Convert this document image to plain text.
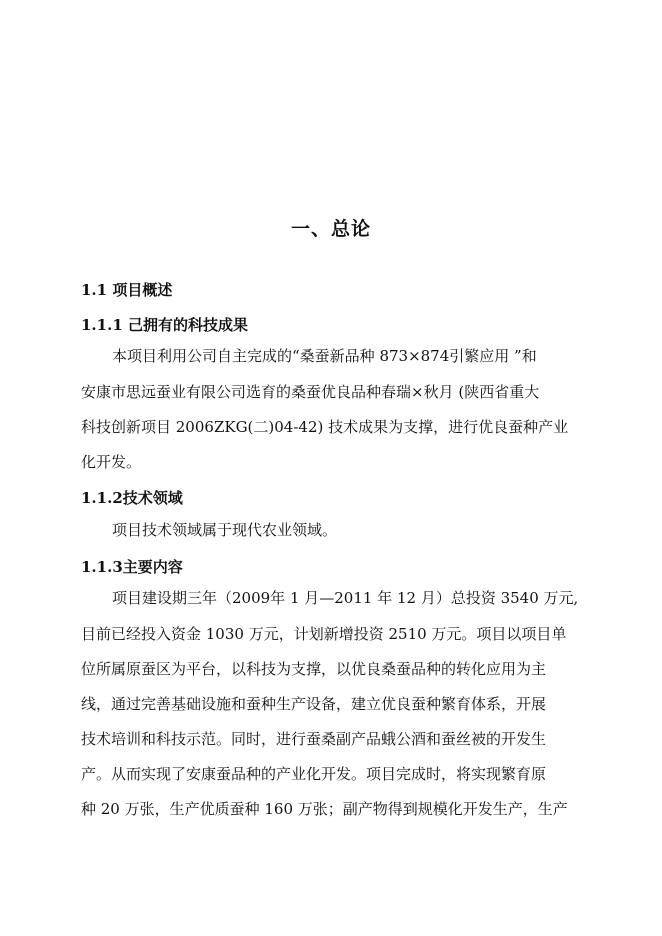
一、总论
1.1 项目概述
1.1.1 己拥有的科技成果
本项目利用公司自主完成的“桑蚕新品种 873×874引繁应用 ”和
安康市思远蚕业有限公司选育的桑蚕优良品种春瑞×秋月 (陕西省重大
科技创新项目 2006ZKG(二)04-42) 技术成果为支撑，进行优良蚕种产业
化开发。
1.1.2技术领域
项目技术领域属于现代农业领域。
1.1.3主要内容
项目建设期三年（2009年 1 月—2011 年 12 月）总投资 3540 万元,
目前已经投入资金 1030 万元，计划新增投资 2510 万元。项目以项目单
位所属原蚕区为平台，以科技为支撑，以优良桑蚕品种的转化应用为主
线，通过完善基础设施和蚕种生产设备，建立优良蚕种繁育体系，开展
技术培训和科技示范。同时，进行蚕桑副产品蛾公酒和蚕丝被的开发生
产。从而实现了安康蚕品种的产业化开发。项目完成时，将实现繁育原
种 20 万张，生产优质蚕种 160 万张；副产物得到规模化开发生产，生产
